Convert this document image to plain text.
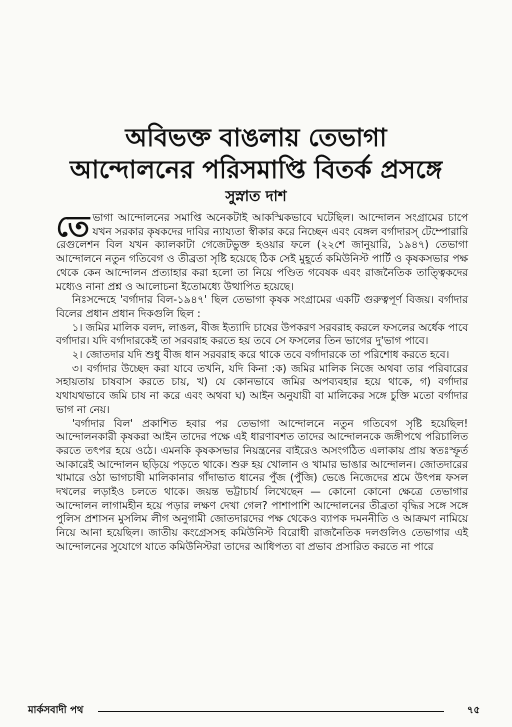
অবিভক্ত বাঙলায় তেভাগা
আন্দোলনের পরিসমাপ্তি বিতর্ক প্রসঙ্গে
সুস্নাত দাশ

তেভাগা আন্দোলনের সমাপ্তি অনেকটাই আকস্মিকভাবে ঘটেছিল। আন্দোলন সংগ্রামের চাপে যখন সরকার কৃষকদের দাবির ন্যায্যতা স্বীকার করে নিচ্ছেন এবং বেঙ্গল বর্গাদারস্ টেম্পোরারি রেগুলেশন বিল যখন ক্যালকাটা গেজেটভুক্ত হওয়ার ফলে (২২শে জানুয়ারি, ১৯৪৭) তেভাগা আন্দোলনে নতুন গতিবেগ ও তীব্রতা সৃষ্টি হয়েছে ঠিক সেই মুহূর্তে কমিউনিস্ট পার্টি ও কৃষকসভার পক্ষ থেকে কেন আন্দোলন প্রত্যাহার করা হলো তা নিয়ে পণ্ডিত গবেষক এবং রাজনৈতিক তাত্ত্বিকদের মধ্যেও নানা প্রশ্ন ও আলোচনা ইতোমধ্যে উত্থাপিত হয়েছে।

নিঃসন্দেহে 'বর্গাদার বিল-১৯৪৭' ছিল তেভাগা কৃষক সংগ্রামের একটি গুরুত্বপূর্ণ বিজয়। বর্গাদার বিলের প্রধান প্রধান দিকগুলি ছিল :

১। জমির মালিক বলদ, লাঙল, বীজ ইত্যাদি চাষের উপকরণ সরবরাহ করলে ফসলের অর্ধেক পাবে বর্গাদার। যদি বর্গাদারকেই তা সরবরাহ করতে হয় তবে সে ফসলের তিন ভাগের দু'ভাগ পাবে।

২। জোতদার যদি শুধু বীজ ধান সরবরাহ করে থাকে তবে বর্গাদারকে তা পরিশোধ করতে হবে।

৩। বর্গাদার উচ্ছেদ করা যাবে তখনি, যদি কিনা :ক) জমির মালিক নিজে অথবা তার পরিবারের সহায়তায় চাষবাস করতে চায়, খ) যে কোনভাবে জমির অপব্যবহার হয়ে থাকে, গ) বর্গাদার যথাযথভাবে জমি চাষ না করে এবং অথবা ঘ) আইন অনুযায়ী বা মালিকের সঙ্গে চুক্তি মতো বর্গাদার ভাগ না নেয়।

'বর্গাদার বিল' প্রকাশিত হবার পর তেভাগা আন্দোলনে নতুন গতিবেগ সৃষ্টি হয়েছিল! আন্দোলনকারী কৃষকরা আইন তাদের পক্ষে এই ধারণাবশত তাদের আন্দোলনকে জঙ্গীপথে পরিচালিত করতে তৎপর হয়ে ওঠে। এমনকি কৃষকসভার নিয়ন্ত্রনের বাইরেও অসংগঠিত এলাকায় প্রায় স্বতঃস্ফূর্ত আকারেই আন্দোলন ছড়িয়ে পড়তে থাকে। শুরু হয় খোলান ও খামার ভাঙার আন্দোলন। জোতদারের খামারে ওঠা ভাগচাষী মালিকানার গাঁদাভাত ধানের পুঁজ (পুঁজি) ভেঙে নিজেদের শ্রমে উৎপন্ন ফসল দখলের লড়াইও চলতে থাকে। জয়ন্ত ভট্টাচার্য লিখেছেন — কোনো কোনো ক্ষেত্রে তেভাগার আন্দোলন লাগামহীন হয়ে পড়ার লক্ষণ দেখা গেল? পাশাপাশি আন্দোলনের তীব্রতা বৃদ্ধির সঙ্গে সঙ্গে পুলিস প্রশাসন মুসলিম লীগ অনুগামী জোতদারদের পক্ষ থেকেও ব্যাপক দমননীতি ও আক্রমণ নামিয়ে নিয়ে আনা হয়েছিল। জাতীয় কংগ্রেসসহ কমিউনিস্ট বিরোধী রাজনৈতিক দলগুলিও তেভাগার এই আন্দোলনের সুযোগে যাতে কমিউনিস্টরা তাদের আধিপত্য বা প্রভাব প্রসারিত করতে না পারে

মার্কসবাদী পথ	৭৫
